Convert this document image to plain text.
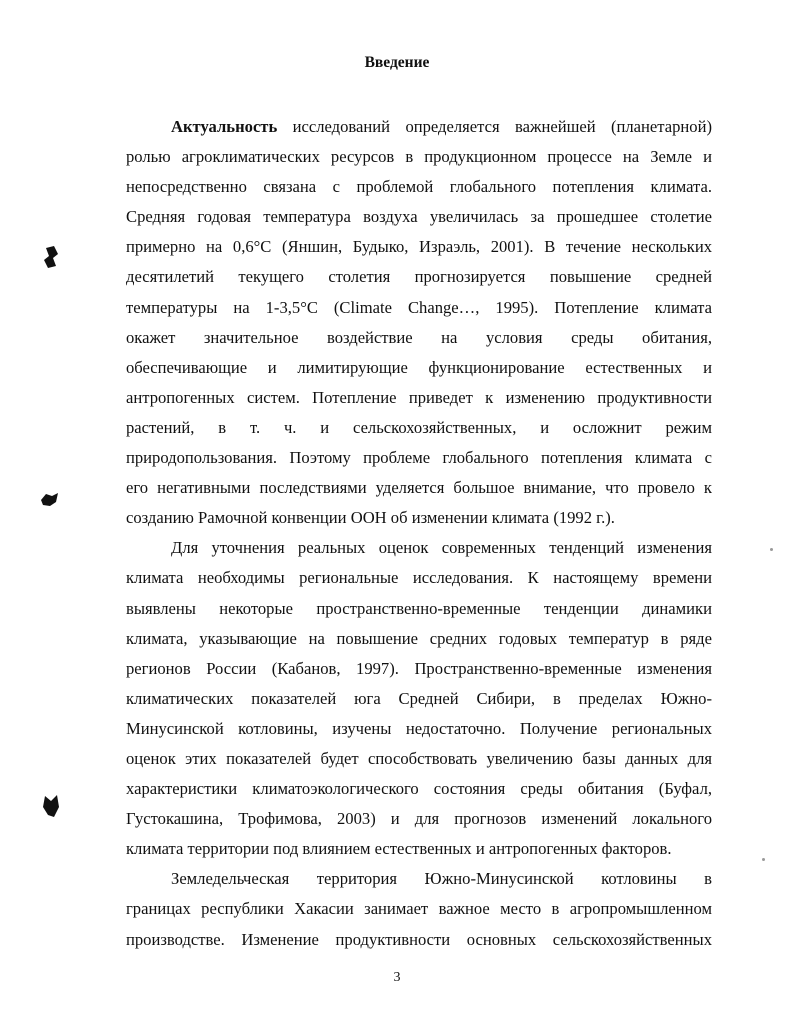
Введение
Актуальность исследований определяется важнейшей (планетарной)
ролью агроклиматических ресурсов в продукционном процессе на Земле и
непосредственно связана с проблемой глобального потепления климата.
Средняя годовая температура воздуха увеличилась за прошедшее столетие
примерно на 0,6°С (Яншин, Будыко, Израэль, 2001). В течение нескольких
десятилетий текущего столетия прогнозируется повышение средней
температуры на 1-3,5°С (Climate Change…, 1995). Потепление климата
окажет значительное воздействие на условия среды обитания,
обеспечивающие и лимитирующие функционирование естественных и
антропогенных систем. Потепление приведет к изменению продуктивности
растений, в т. ч. и сельскохозяйственных, и осложнит режим
природопользования. Поэтому проблеме глобального потепления климата с
его негативными последствиями уделяется большое внимание, что провело к
созданию Рамочной конвенции ООН об изменении климата (1992 г.).
Для уточнения реальных оценок современных тенденций изменения
климата необходимы региональные исследования. К настоящему времени
выявлены некоторые пространственно-временные тенденции динамики
климата, указывающие на повышение средних годовых температур в ряде
регионов России (Кабанов, 1997). Пространственно-временные изменения
климатических показателей юга Средней Сибири, в пределах Южно-
Минусинской котловины, изучены недостаточно. Получение региональных
оценок этих показателей будет способствовать увеличению базы данных для
характеристики климатоэкологического состояния среды обитания (Буфал,
Густокашина, Трофимова, 2003) и для прогнозов изменений локального
климата территории под влиянием естественных и антропогенных факторов.
Земледельческая территория Южно-Минусинской котловины в
границах республики Хакасии занимает важное место в агропромышленном
производстве. Изменение продуктивности основных сельскохозяйственных
3
